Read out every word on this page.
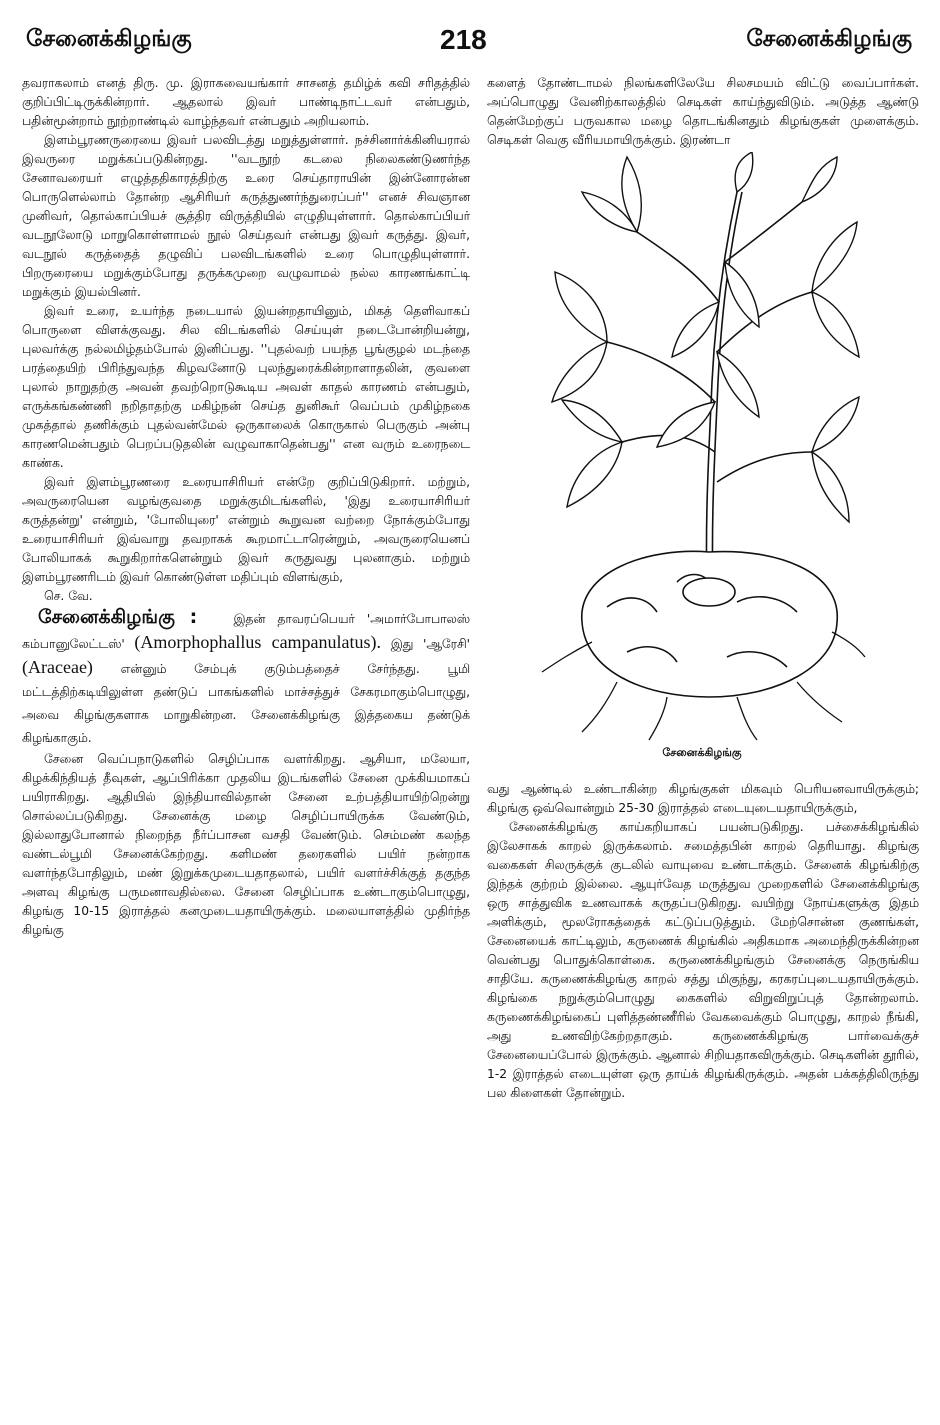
சேனைக்கிழங்கு	218	சேனைக்கிழங்கு

தவராகலாம் எனத் திரு. மு. இராகவையங்கார் சாசனத் தமிழ்க் கவி சரிதத்தில் குறிப்பிட்டிருக்கின்றார். ஆதலால் இவர் பாண்டிநாட்டவர் என்பதும், பதின்மூன்றாம் நூற்றாண்டில் வாழ்ந்தவர் என்பதும் அறியலாம்.

இளம்பூரணருரையை இவர் பலவிடத்து மறுத்துள்ளார். நச்சினார்க்கினியரால் இவருரை மறுக்கப்படுகின்றது. ''வடநூற் கடலை நிலைகண்டுணர்ந்த சேனாவரையர் எழுத்ததிகாரத்திற்கு உரை செய்தாராயின் இன்னோரன்ன பொருளெல்லாம் தோன்ற ஆசிரியர் கருத்துணர்ந்துரைப்பர்'' எனச் சிவஞான முனிவர், தொல்காப்பியச் சூத்திர விருத்தியில் எழுதியுள்ளார். தொல்காப்பியர் வடநூலோடு மாறுகொள்ளாமல் நூல் செய்தவர் என்பது இவர் கருத்து. இவர், வடநூல் கருத்தைத் தழுவிப் பலவிடங்களில் உரை பொழுதியுள்ளார். பிறருரையை மறுக்கும்போது தருக்கமுறை வழுவாமல் நல்ல காரணங்காட்டி மறுக்கும் இயல்பினர்.

இவர் உரை, உயர்ந்த நடையால் இயன்றதாயினும், மிகத் தெளிவாகப் பொருளை விளக்குவது. சில விடங்களில் செய்யுள் நடைபோன்றியன்று, புலவர்க்கு நல்லமிழ்தம்போல் இனிப்பது. ''புதல்வற் பயந்த பூங்குழல் மடந்தை பரத்தையிற் பிரிந்துவந்த கிழவனோடு புலந்துரைக்கின்றாளாதலின், குவளை புலால் நாறுதற்கு அவன் தவற்றொடுகூடிய அவள் காதல் காரணம் என்பதும், எருக்கங்கண்ணி நறிதாதற்கு மகிழ்நன் செய்த துனிகூர் வெப்பம் முகிழ்நகை முகத்தால் தணிக்கும் புதல்வன்மேல் ஒருகாலைக் கொருகால் பெருகும் அன்பு காரணமென்பதும் பெறப்படுதலின் வழுவாகாதென்பது'' என வரும் உரைநடை காண்க.

இவர் இளம்பூரணரை உரையாசிரியர் என்றே குறிப்பிடுகிறார். மற்றும், அவருரையென வழங்குவதை மறுக்குமிடங்களில், 'இது உரையாசிரியர் கருத்தன்று' என்றும், 'போலியுரை' என்றும் கூறுவன வற்றை நோக்கும்போது உரையாசிரியர் இவ்வாறு தவறாகக் கூறமாட்டாரென்றும், அவருரையெனப் போலியாகக் கூறுகிறார்களென்றும் இவர் கருதுவது புலனாகும். மற்றும் இளம்பூரணரிடம் இவர் கொண்டுள்ள மதிப்பும் விளங்கும்,

செ. வே.

சேனைக்கிழங்கு :	இதன் தாவரப்பெயர் 'அமார்போபாலஸ் கம்பானுலேட்டஸ்' (Amorphophallus campanulatus). இது 'ஆரேசி' (Araceae) என்னும் சேம்புக் குடும்பத்தைச் சேர்ந்தது. பூமி மட்டத்திற்கடியிலுள்ள தண்டுப் பாகங்களில் மாச்சத்துச் சேகரமாகும்பொழுது, அவை கிழங்குகளாக மாறுகின்றன. சேனைக்கிழங்கு இத்தகைய தண்டுக் கிழங்காகும்.

சேனை வெப்பநாடுகளில் செழிப்பாக வளர்கிறது. ஆசியா, மலேயா, கிழக்கிந்தியத் தீவுகள், ஆப்பிரிக்கா முதலிய இடங்களில் சேனை முக்கியமாகப் பயிராகிறது. ஆதியில் இந்தியாவில்தான் சேனை உற்பத்தியாயிற்றென்று சொல்லப்படுகிறது. சேனைக்கு மழை செழிப்பாயிருக்க வேண்டும், இல்லாதுபோனால் நிறைந்த நீர்ப்பாசன வசதி வேண்டும். செம்மண் கலந்த வண்டல்பூமி சேனைக்கேற்றது. களிமண் தரைகளில் பயிர் நன்றாக வளர்ந்தபோதிலும், மண் இறுக்கமுடையதாதலால், பயிர் வளர்ச்சிக்குத் தகுந்த அளவு கிழங்கு பருமனாவதில்லை. சேனை செழிப்பாக உண்டாகும்பொழுது, கிழங்கு 10-15 இராத்தல் கனமுடையதாயிருக்கும். மலையாளத்தில் முதிர்ந்த கிழங்கு

களைத் தோண்டாமல் நிலங்களிலேயே சிலசமயம் விட்டு வைப்பார்கள். அப்பொழுது வேனிற்காலத்தில் செடிகள் காய்ந்துவிடும். அடுத்த ஆண்டு தென்மேற்குப் பருவகால மழை தொடங்கினதும் கிழங்குகள் முளைக்கும். செடிகள் வெகு வீரியமாயிருக்கும். இரண்டா

சேனைக்கிழங்கு

வது ஆண்டில் உண்டாகின்ற கிழங்குகள் மிகவும் பெரியனவாயிருக்கும்; கிழங்கு ஒவ்வொன்றும் 25-30 இராத்தல் எடையுடையதாயிருக்கும்,

சேனைக்கிழங்கு காய்கறியாகப் பயன்படுகிறது. பச்சைக்கிழங்கில் இலேசாகக் காறல் இருக்கலாம். சமைத்தபின் காறல் தெரியாது. கிழங்கு வகைகள் சிலருக்குக் குடலில் வாயுவை உண்டாக்கும். சேனைக் கிழங்கிற்கு இந்தக் குற்றம் இல்லை. ஆயுர்வேத மருத்துவ முறைகளில் சேனைக்கிழங்கு ஒரு சாத்துவிக உணவாகக் கருதப்படுகிறது. வயிற்று நோய்களுக்கு இதம் அளிக்கும், மூலரோகத்தைக் கட்டுப்படுத்தும். மேற்சொன்ன குணங்கள், சேனையைக் காட்டிலும், கருணைக் கிழங்கில் அதிகமாக அமைந்திருக்கின்றன வென்பது பொதுக்கொள்கை. கருணைக்கிழங்கும் சேனைக்கு நெருங்கிய சாதியே. கருணைக்கிழங்கு காறல் சத்து மிகுந்து, கரகரப்புடையதாயிருக்கும். கிழங்கை நறுக்கும்பொழுது கைகளில் விறுவிறுப்புத் தோன்றலாம். கருணைக்கிழங்கைப் புளித்தண்ணீரில் வேகவைக்கும் பொழுது, காறல் நீங்கி, அது உணவிற்கேற்றதாகும். கருணைக்கிழங்கு பார்வைக்குச் சேனையைப்போல் இருக்கும். ஆனால் சிறியதாகவிருக்கும். செடிகளின் தூரில், 1-2 இராத்தல் எடையுள்ள ஒரு தாய்க் கிழங்கிருக்கும். அதன் பக்கத்திலிருந்து பல கிளைகள் தோன்றும்.
